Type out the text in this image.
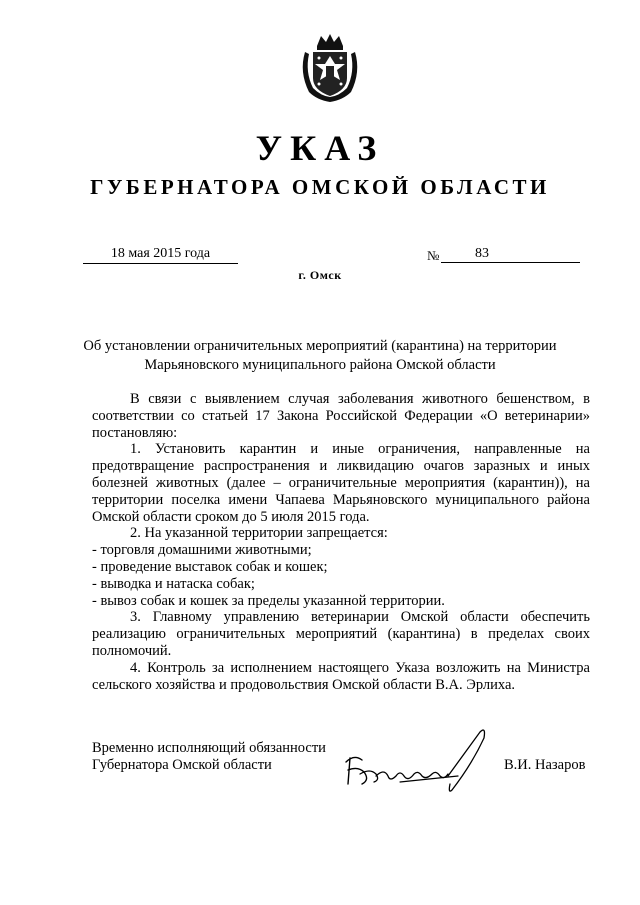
УКАЗ
ГУБЕРНАТОРА ОМСКОЙ ОБЛАСТИ
18 мая 2015 года	№	83
г. Омск
Об установлении ограничительных мероприятий (карантина) на территории Марьяновского муниципального района Омской области

В связи с выявлением случая заболевания животного бешенством, в соответствии со статьей 17 Закона Российской Федерации «О ветеринарии» постановляю:

1. Установить карантин и иные ограничения, направленные на предотвращение распространения и ликвидацию очагов заразных и иных болезней животных (далее – ограничительные мероприятия (карантин)), на территории поселка имени Чапаева Марьяновского муниципального района Омской области сроком до 5 июля 2015 года.

2. На указанной территории запрещается:

- торговля домашними животными;

- проведение выставок собак и кошек;

- выводка и натаска собак;

- вывоз собак и кошек за пределы указанной территории.

3. Главному управлению ветеринарии Омской области обеспечить реализацию ограничительных мероприятий (карантина) в пределах своих полномочий.

4. Контроль за исполнением настоящего Указа возложить на Министра сельского хозяйства и продовольствия Омской области В.А. Эрлиха.

Временно исполняющий обязанности
Губернатора Омской области	В.И. Назаров
